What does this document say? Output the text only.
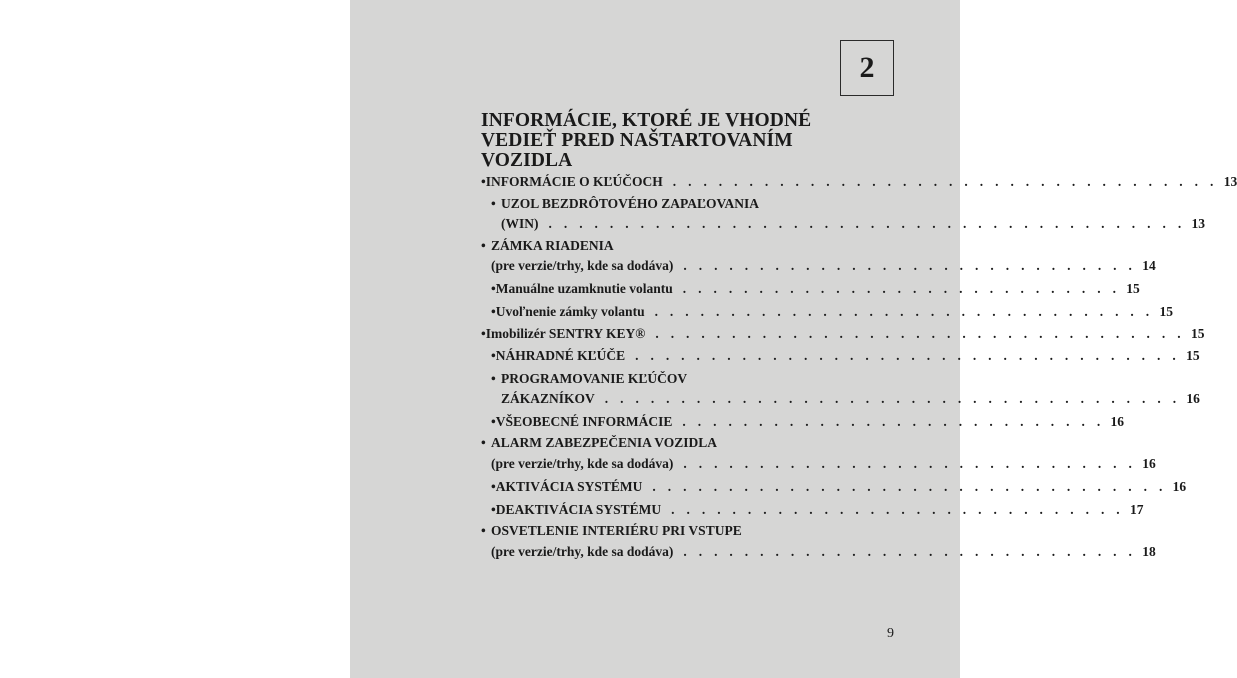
2
INFORMÁCIE, KTORÉ JE VHODNÉ
VEDIEŤ PRED NAŠTARTOVANÍM
VOZIDLA
• INFORMÁCIE O KĽÚČOCH . . . . . . . . . . . . . . . . . . . . . . . . . . . . . . . . . . . . 13
• UZOL BEZDRÔTOVÉHO ZAPAĽOVANIA
(WIN) . . . . . . . . . . . . . . . . . . . . . . . . . . . . . . . . . . . . . . . . . . 13
• ZÁMKA RIADENIA
(pre verzie/trhy, kde sa dodáva) . . . . . . . . . . . . . . . . . . . . . . . . . . . . . . 14
• Manuálne uzamknutie volantu . . . . . . . . . . . . . . . . . . . . . . . . . . . . . 15
• Uvoľnenie zámky volantu . . . . . . . . . . . . . . . . . . . . . . . . . . . . . . . . . 15
• Imobilizér SENTRY KEY® . . . . . . . . . . . . . . . . . . . . . . . . . . . . . . . . . . . 15
• NÁHRADNÉ KĽÚČE . . . . . . . . . . . . . . . . . . . . . . . . . . . . . . . . . . . . 15
• PROGRAMOVANIE KĽÚČOV
ZÁKAZNÍKOV . . . . . . . . . . . . . . . . . . . . . . . . . . . . . . . . . . . . . . 16
• VŠEOBECNÉ INFORMÁCIE . . . . . . . . . . . . . . . . . . . . . . . . . . . . 16
• ALARM ZABEZPEČENIA VOZIDLA
(pre verzie/trhy, kde sa dodáva) . . . . . . . . . . . . . . . . . . . . . . . . . . . . . . 16
• AKTIVÁCIA SYSTÉMU . . . . . . . . . . . . . . . . . . . . . . . . . . . . . . . . . . 16
• DEAKTIVÁCIA SYSTÉMU . . . . . . . . . . . . . . . . . . . . . . . . . . . . . . 17
• OSVETLENIE INTERIÉRU PRI VSTUPE
(pre verzie/trhy, kde sa dodáva) . . . . . . . . . . . . . . . . . . . . . . . . . . . . . . 18
9
